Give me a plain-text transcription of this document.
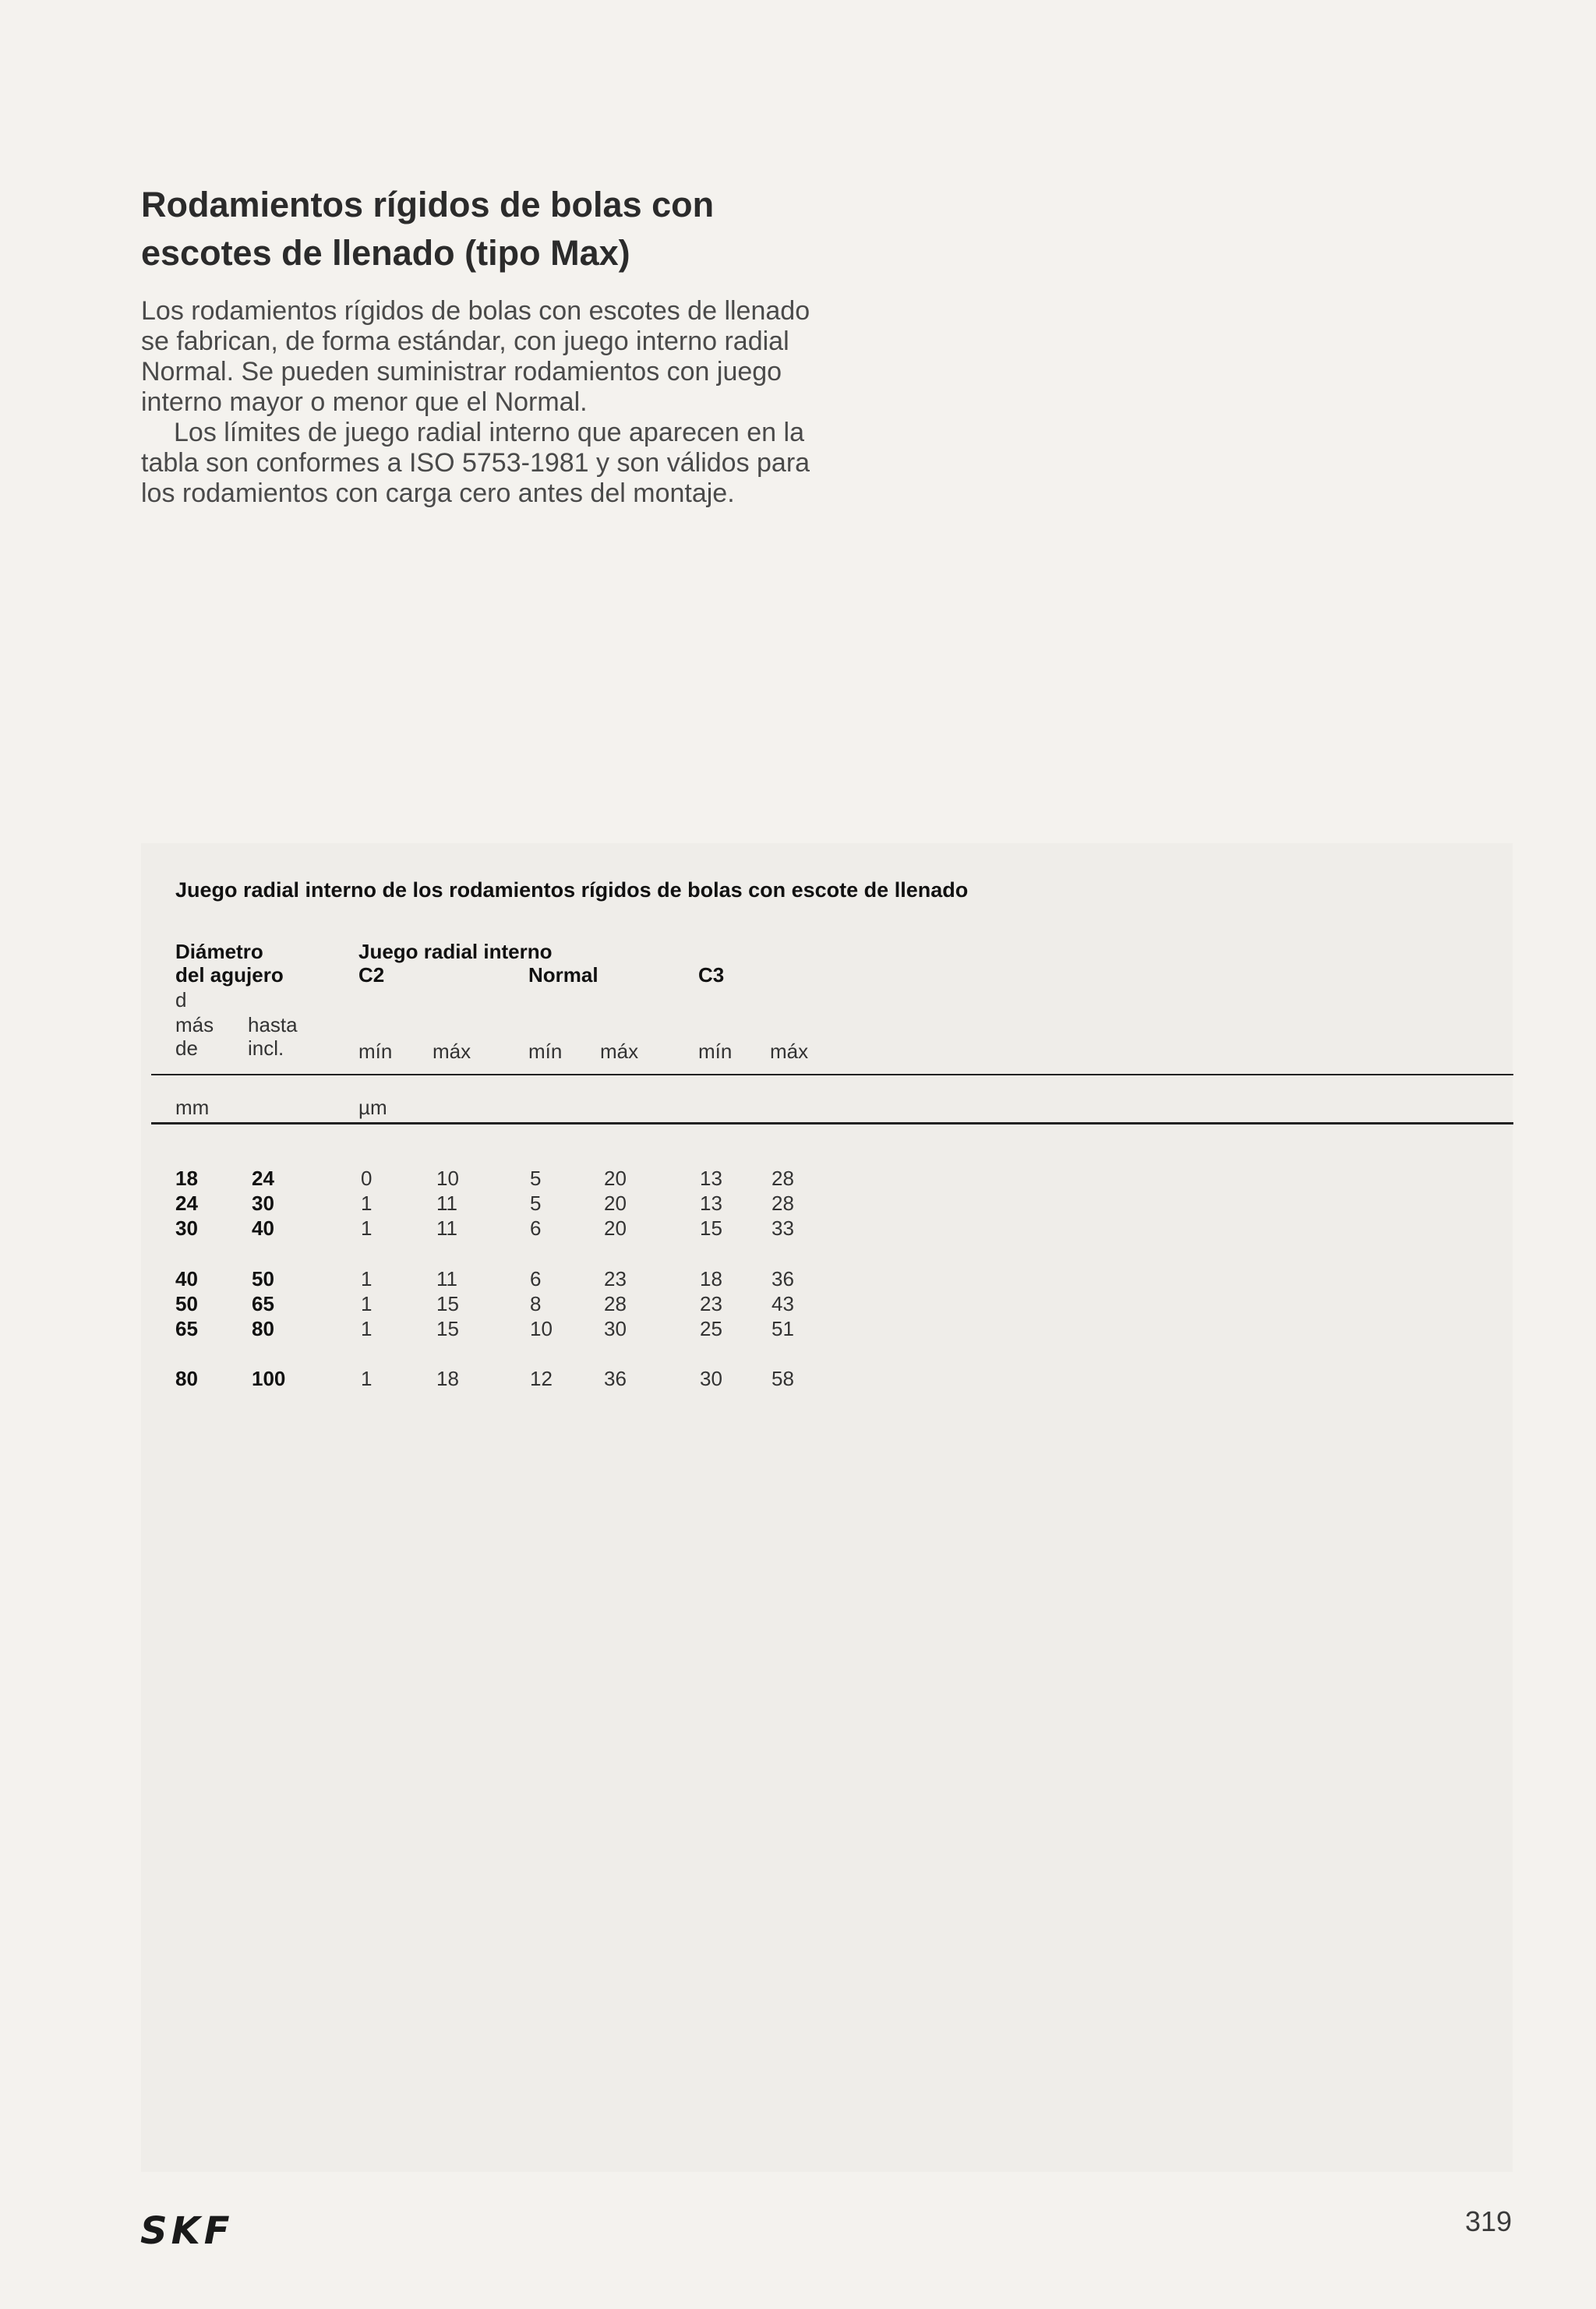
Rodamientos rígidos de bolas con
escotes de llenado (tipo Max)

Los rodamientos rígidos de bolas con escotes de llenado se fabrican, de forma estándar, con juego interno radial Normal. Se pueden suministrar rodamientos con juego interno mayor o menor que el Normal.

Los límites de juego radial interno que aparecen en la tabla son conformes a ISO 5753-1981 y son válidos para los rodamientos con carga cero antes del montaje.

Juego radial interno de los rodamientos rígidos de bolas con escote de llenado
Diámetro
del agujero
d
más hasta
de incl.
Juego radial interno
C2	Normal	C3
mín máx	mín máx	mín máx
mm	µm
18	24	0	10	5	20	13 28
24	30	1	11	5	20	13 28
30	40	1	11	6	20	15 33
40	50	1	11	6	23	18 36
50	65	1	15	8	28	23 43
65	80	1	15	10	30	25 51
80	100	1	18	12	36	30 58
SKF	319
